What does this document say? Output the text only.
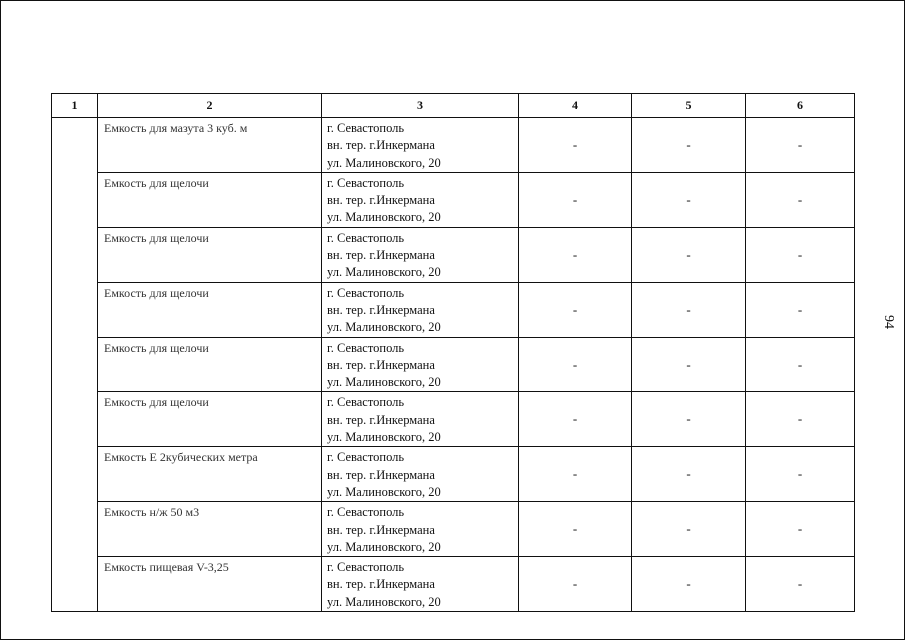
1	2	3	4	5	6
	Емкость для мазута 3 куб. м	г. Севастополь
вн. тер. г.Инкермана
ул. Малиновского, 20	-	-	-
	Емкость для щелочи	г. Севастополь
вн. тер. г.Инкермана
ул. Малиновского, 20	-	-	-
	Емкость для щелочи	г. Севастополь
вн. тер. г.Инкермана
ул. Малиновского, 20	-	-	-
	Емкость для щелочи	г. Севастополь
вн. тер. г.Инкермана
ул. Малиновского, 20	-	-	-
	Емкость для щелочи	г. Севастополь
вн. тер. г.Инкермана
ул. Малиновского, 20	-	-	-
	Емкость для щелочи	г. Севастополь
вн. тер. г.Инкермана
ул. Малиновского, 20	-	-	-
	Емкость Е 2кубических метра	г. Севастополь
вн. тер. г.Инкермана
ул. Малиновского, 20	-	-	-
	Емкость н/ж 50 м3	г. Севастополь
вн. тер. г.Инкермана
ул. Малиновского, 20	-	-	-
	Емкость пищевая V-3,25	г. Севастополь
вн. тер. г.Инкермана
ул. Малиновского, 20	-	-	-
94
